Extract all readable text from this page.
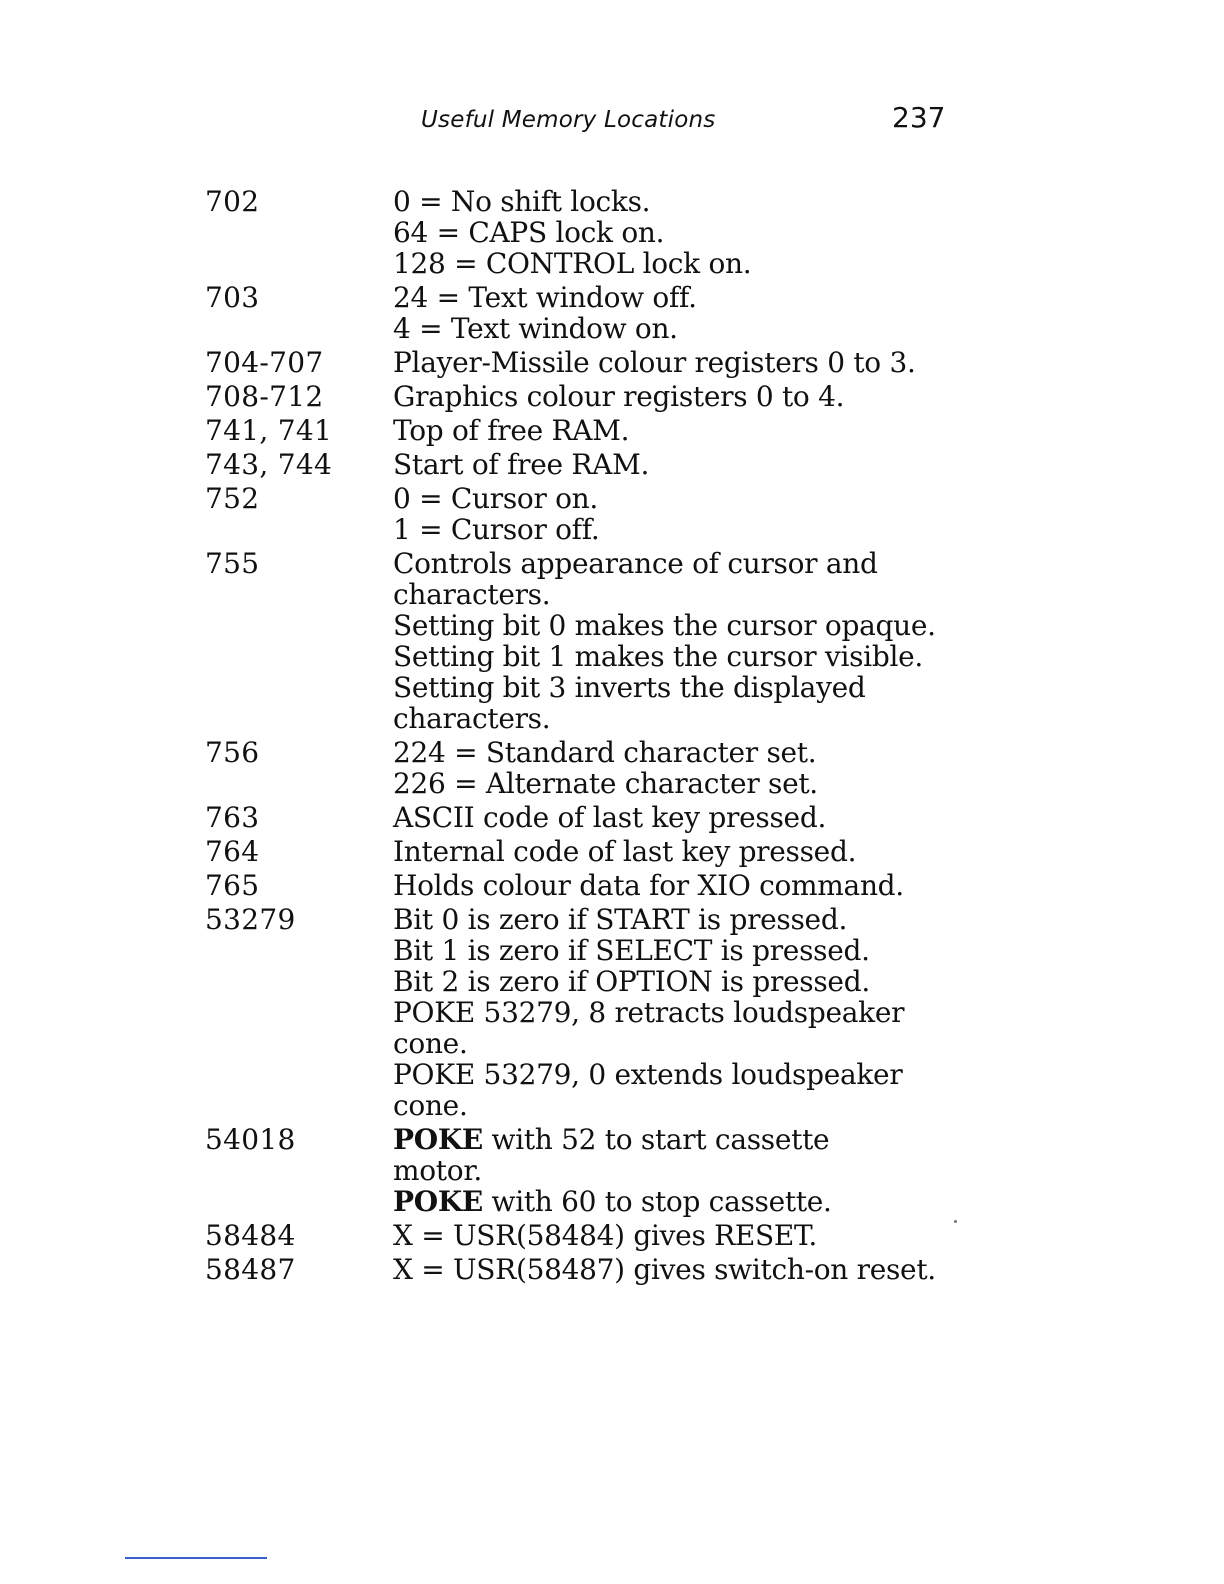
Useful Memory Locations	237
702	0 = No shift locks.
64 = CAPS lock on.
128 = CONTROL lock on.
703	24 = Text window off.
4 = Text window on.
704-707	Player-Missile colour registers 0 to 3.
708-712	Graphics colour registers 0 to 4.
741, 741	Top of free RAM.
743, 744	Start of free RAM.
752	0 = Cursor on.
1 = Cursor off.
755	Controls appearance of cursor and
characters.
Setting bit 0 makes the cursor opaque.
Setting bit 1 makes the cursor visible.
Setting bit 3 inverts the displayed
characters.
756	224 = Standard character set.
226 = Alternate character set.
763	ASCII code of last key pressed.
764	Internal code of last key pressed.
765	Holds colour data for XIO command.
53279	Bit 0 is zero if START is pressed.
Bit 1 is zero if SELECT is pressed.
Bit 2 is zero if OPTION is pressed.
POKE 53279, 8 retracts loudspeaker
cone.
POKE 53279, 0 extends loudspeaker
cone.
54018	POKE with 52 to start cassette
motor.
POKE with 60 to stop cassette.
58484	X = USR(58484) gives RESET.
58487	X = USR(58487) gives switch-on reset.
